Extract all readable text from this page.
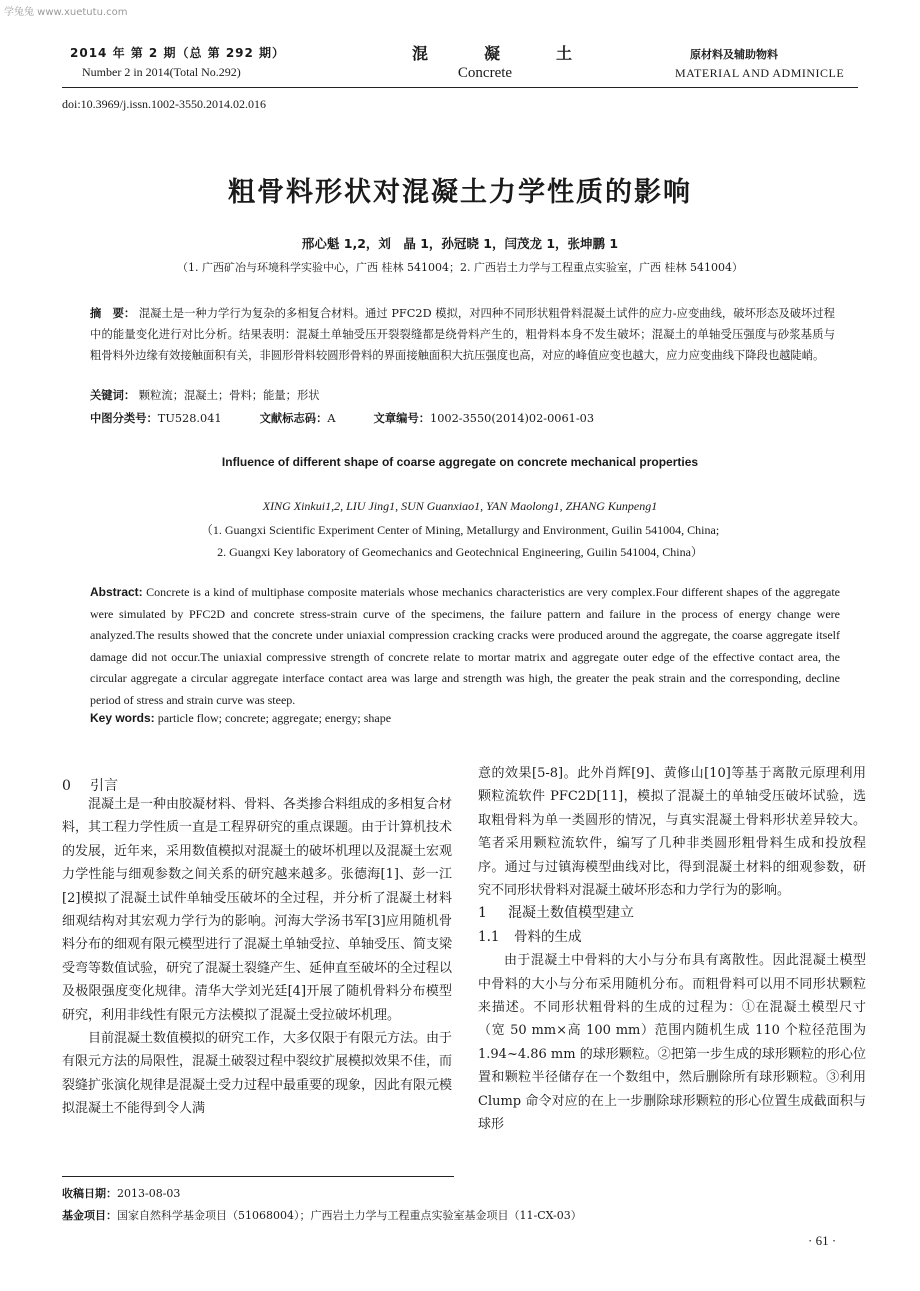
学兔兔 www.xuetutu.com
2014 年 第 2 期（总 第 292 期）
Number 2 in 2014(Total No.292)
混	凝	土
Concrete
原材料及辅助物料
MATERIAL AND ADMINICLE
doi:10.3969/j.issn.1002-3550.2014.02.016
粗骨料形状对混凝土力学性质的影响
邢心魁 1,2，刘　晶 1，孙冠晓 1，闫茂龙 1，张坤鹏 1
（1. 广西矿冶与环境科学实验中心，广西 桂林 541004；2. 广西岩土力学与工程重点实验室，广西 桂林 541004）
摘　要： 混凝土是一种力学行为复杂的多相复合材料。通过 PFC2D 模拟，对四种不同形状粗骨料混凝土试件的应力-应变曲线，破坏形态及破坏过程中的能量变化进行对比分析。结果表明：混凝土单轴受压开裂裂缝都是绕骨料产生的，粗骨料本身不发生破坏；混凝土的单轴受压强度与砂浆基质与粗骨料外边缘有效接触面积有关，非圆形骨料较圆形骨料的界面接触面积大抗压强度也高，对应的峰值应变也越大，应力应变曲线下降段也越陡峭。
关键词： 颗粒流；混凝土；骨料；能量；形状
中图分类号：TU528.041	文献标志码：A	文章编号：1002-3550(2014)02-0061-03
Influence of different shape of coarse aggregate on concrete mechanical properties
XING Xinkui1,2, LIU Jing1, SUN Guanxiao1, YAN Maolong1, ZHANG Kunpeng1
（1. Guangxi Scientific Experiment Center of Mining, Metallurgy and Environment, Guilin 541004, China;
2. Guangxi Key laboratory of Geomechanics and Geotechnical Engineering, Guilin 541004, China）
Abstract: Concrete is a kind of multiphase composite materials whose mechanics characteristics are very complex.Four different shapes of the aggregate were simulated by PFC2D and concrete stress-strain curve of the specimens, the failure pattern and failure in the process of energy change were analyzed.The results showed that the concrete under uniaxial compression cracking cracks were produced around the aggregate, the coarse aggregate itself damage did not occur.The uniaxial compressive strength of concrete relate to mortar matrix and aggregate outer edge of the effective contact area, the circular aggregate a circular aggregate interface contact area was large and strength was high, the greater the peak strain and the corresponding, decline period of stress and strain curve was steep.
Key words: particle flow; concrete; aggregate; energy; shape
0 引言

混凝土是一种由胶凝材料、骨料、各类掺合料组成的多相复合材料，其工程力学性质一直是工程界研究的重点课题。由于计算机技术的发展，近年来，采用数值模拟对混凝土的破坏机理以及混凝土宏观力学性能与细观参数之间关系的研究越来越多。张德海[1]、彭一江[2]模拟了混凝土试件单轴受压破坏的全过程，并分析了混凝土材料细观结构对其宏观力学行为的影响。河海大学汤书军[3]应用随机骨料分布的细观有限元模型进行了混凝土单轴受拉、单轴受压、简支梁受弯等数值试验，研究了混凝土裂缝产生、延伸直至破坏的全过程以及极限强度变化规律。清华大学刘光廷[4]开展了随机骨料分布模型研究，利用非线性有限元方法模拟了混凝土受拉破坏机理。

目前混凝土数值模拟的研究工作，大多仅限于有限元方法。由于有限元方法的局限性，混凝土破裂过程中裂纹扩展模拟效果不佳，而裂缝扩张演化规律是混凝土受力过程中最重要的现象，因此有限元模拟混凝土不能得到令人满

意的效果[5-8]。此外肖辉[9]、黄修山[10]等基于离散元原理利用颗粒流软件 PFC2D[11]，模拟了混凝土的单轴受压破坏试验，选取粗骨料为单一类圆形的情况，与真实混凝土骨料形状差异较大。笔者采用颗粒流软件，编写了几种非类圆形粗骨料生成和投放程序。通过与过镇海模型曲线对比，得到混凝土材料的细观参数，研究不同形状骨料对混凝土破坏形态和力学行为的影响。

1 混凝土数值模型建立

1.1 骨料的生成

由于混凝土中骨料的大小与分布具有离散性。因此混凝土模型中骨料的大小与分布采用随机分布。而粗骨料可以用不同形状颗粒来描述。不同形状粗骨料的生成的过程为：①在混凝土模型尺寸（宽 50 mm×高 100 mm）范围内随机生成 110 个粒径范围为 1.94~4.86 mm 的球形颗粒。②把第一步生成的球形颗粒的形心位置和颗粒半径储存在一个数组中，然后删除所有球形颗粒。③利用 Clump 命令对应的在上一步删除球形颗粒的形心位置生成截面积与球形

收稿日期：2013-08-03
基金项目：国家自然科学基金项目（51068004）；广西岩土力学与工程重点实验室基金项目（11-CX-03）
· 61 ·
